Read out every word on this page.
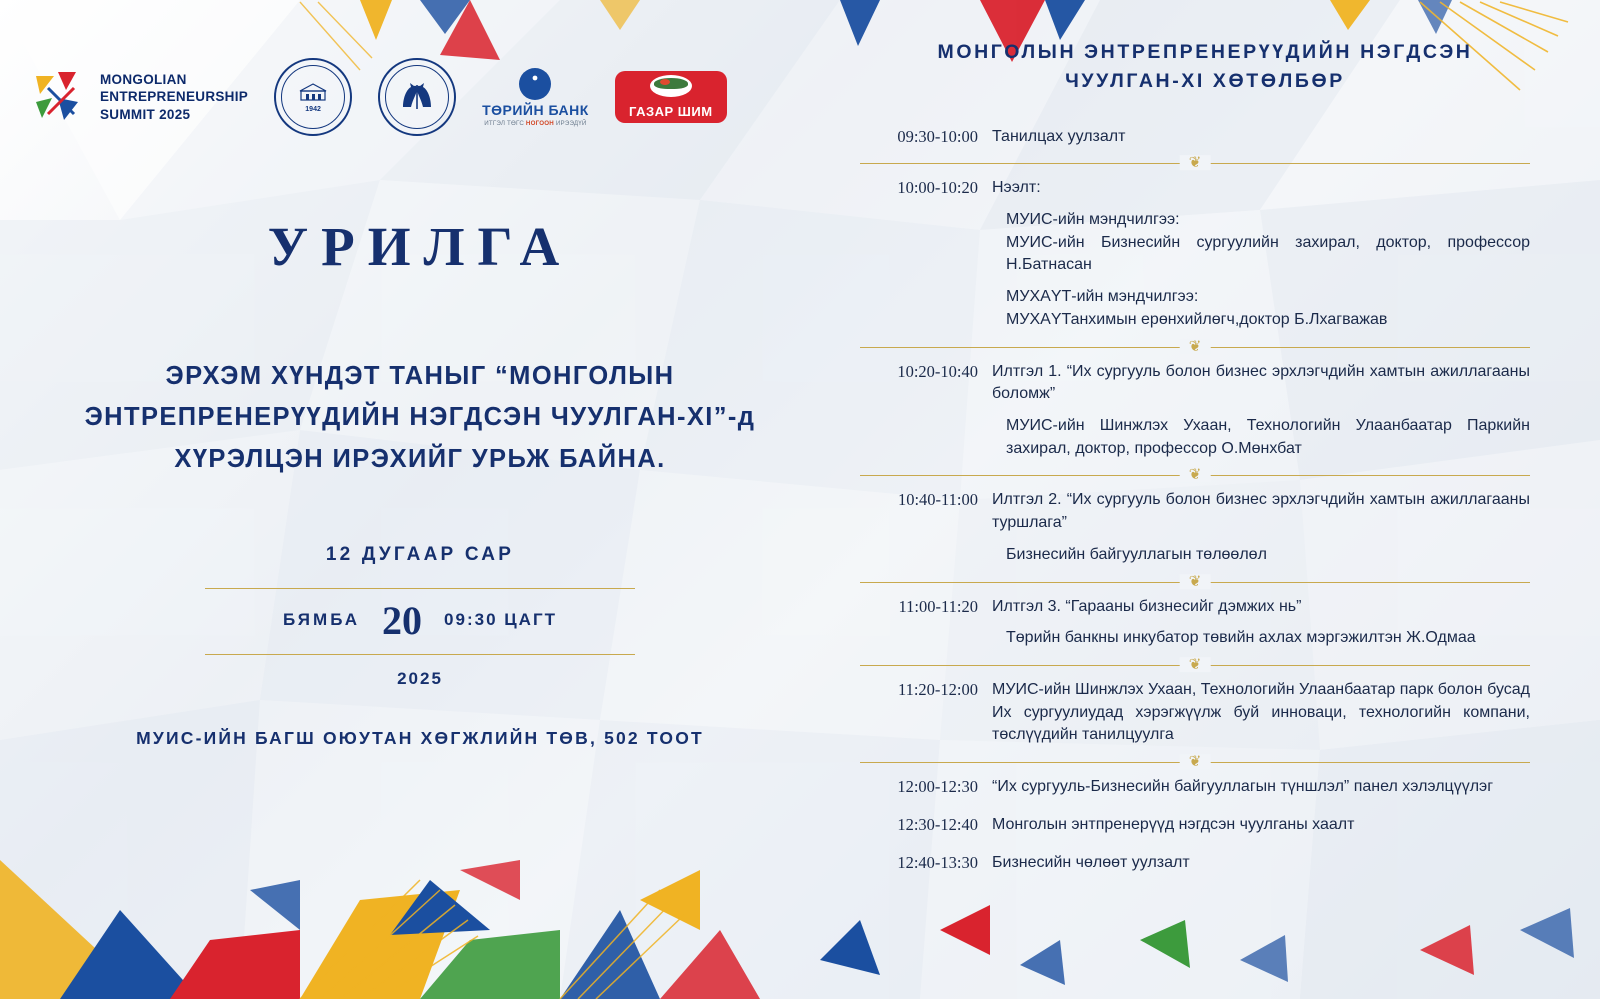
MONGOLIAN
ENTREPRENEURSHIP
SUMMIT 2025	1942	ТӨРИЙН БАНК
ИТГЭЛ ТӨГС НОГООН ИРЭЭДҮЙ
ГАЗАР ШИМ
УРИЛГА
ЭРХЭМ ХҮНДЭТ ТАНЫГ “МОНГОЛЫН ЭНТРЕПРЕНЕРҮҮДИЙН НЭГДСЭН ЧУУЛГАН-XI”-д ХҮРЭЛЦЭН ИРЭХИЙГ УРЬЖ БАЙНА.
12 ДУГААР САР
БЯМБА 20 09:30 ЦАГТ
2025
МУИС-ИЙН БАГШ ОЮУТАН ХӨГЖЛИЙН ТӨВ, 502 ТООТ
МОНГОЛЫН ЭНТРЕПРЕНЕРҮҮДИЙН НЭГДСЭН ЧУУЛГАН-XI ХӨТӨЛБӨР
09:30-10:00 Танилцах уулзалт
❦
10:00-10:20 Нээлт:
МУИС-ийн мэндчилгээ:
МУИС-ийн Бизнесийн сургуулийн захирал, доктор, профессор Н.Батнасан
МУХАYТ-ийн мэндчилгээ:
МУХАYТанхимын ерөнхийлөгч,доктор Б.Лхагважав
❦
10:20-10:40 Илтгэл 1. “Их сургууль болон бизнес эрхлэгчдийн хамтын ажиллагааны боломж”
МУИС-ийн Шинжлэх Ухаан, Технологийн Улаанбаатар Паркийн захирал, доктор, профессор О.Мөнхбат
❦
10:40-11:00 Илтгэл 2. “Их сургууль болон бизнес эрхлэгчдийн хамтын ажиллагааны туршлага”
Бизнесийн байгууллагын төлөөлөл
❦
11:00-11:20 Илтгэл 3. “Гарааны бизнесийг дэмжих нь”
Төрийн банкны инкубатор төвийн ахлах мэргэжилтэн Ж.Одмаа
❦
11:20-12:00 МУИС-ийн Шинжлэх Ухаан, Технологийн Улаанбаатар парк болон бусад Их сургуулиудад хэрэгжүүлж буй инноваци, технологийн компани, төслүүдийн танилцуулга
❦
12:00-12:30 “Их сургууль-Бизнесийн байгууллагын түншлэл” панел хэлэлцүүлэг
12:30-12:40 Монголын энтпренерүүд нэгдсэн чуулганы хаалт
12:40-13:30 Бизнесийн чөлөөт уулзалт
